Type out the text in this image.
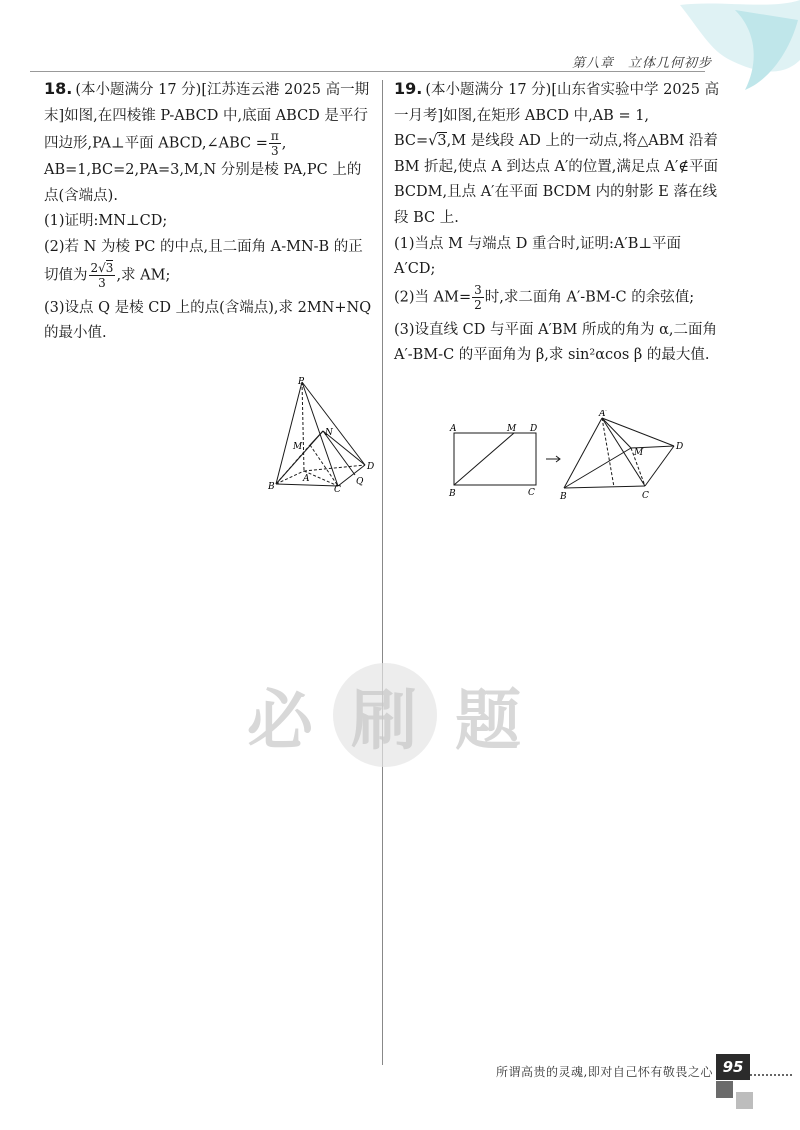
第八章　立体几何初步

18. (本小题满分 17 分)[江苏连云港 2025 高一期末]如图,在四棱锥 P-ABCD 中,底面 ABCD 是平行四边形,PA⊥平面 ABCD,∠ABC = $\frac{\pi}{3}$ , AB=1,BC=2,PA=3,M,N 分别是棱 PA,PC 上的点(含端点).

(1)证明:MN⊥CD;

(2)若 N 为棱 PC 的中点,且二面角 A-MN-B 的正切值为 $\frac{2√3}{3}$ ,求 AM;

(3)设点 Q 是棱 CD 上的点(含端点),求 2MN+NQ 的最小值.

P
M
N
A
B	C
D
Q

19. (本小题满分 17 分)[山东省实验中学 2025 高一月考]如图,在矩形 ABCD 中,AB = 1, BC=√3,M 是线段 AD 上的一动点,将△ABM 沿着 BM 折起,使点 A 到达点 A′的位置,满足点 A′∉平面 BCDM,且点 A′在平面 BCDM 内的射影 E 落在线段 BC 上.

(1)当点 M 与端点 D 重合时,证明:A′B⊥平面 A′CD;

(2)当 $AM= \frac{3}{2}$ 时,求二面角 A′-BM-C 的余弦值;

(3)设直线 CD 与平面 A′BM 所成的角为 α,二面角 A′-BM-C 的平面角为 β,求 sin²αcos β 的最大值.

A	M D
B	C
A′
M
D
B	C
必 刷 题
所谓高贵的灵魂,即对自己怀有敬畏之心 95
